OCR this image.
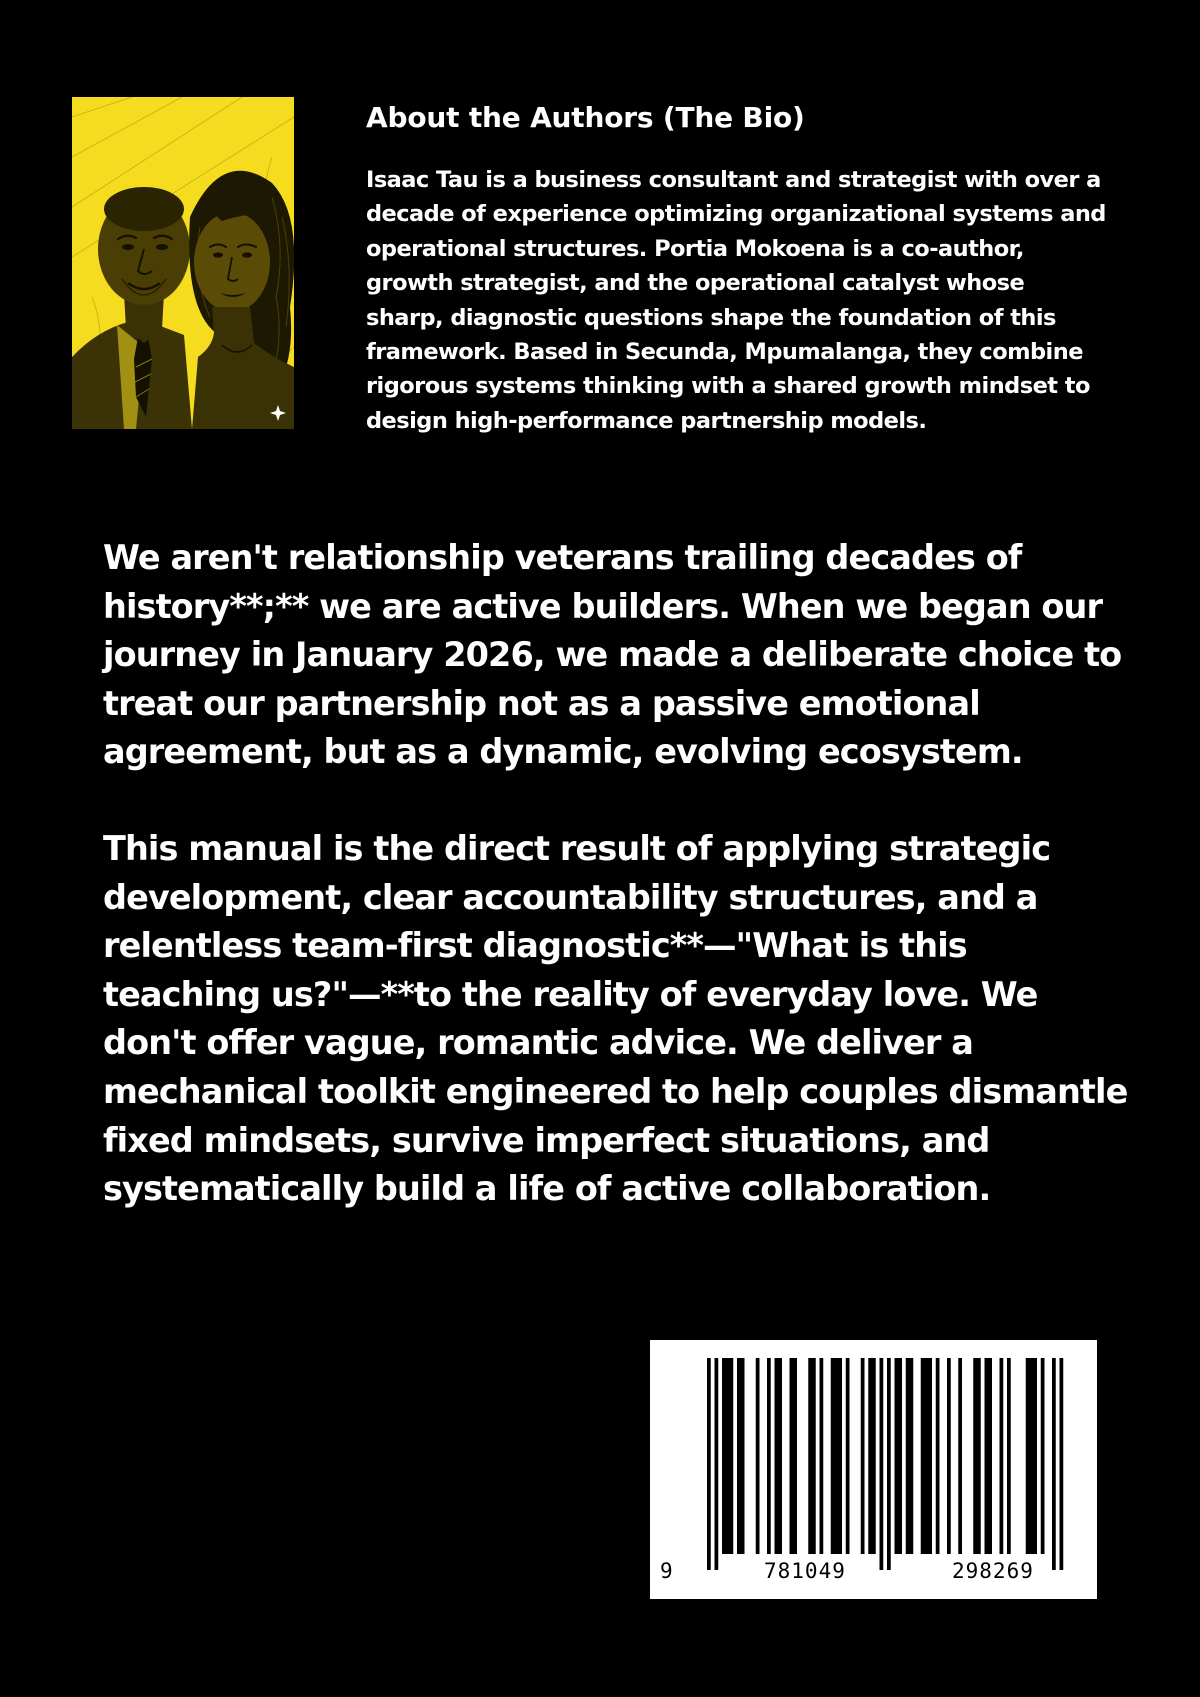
About the Authors (The Bio)

Isaac Tau is a business consultant and strategist with over a decade of experience optimizing organizational systems and operational structures. Portia Mokoena is a co-author, growth strategist, and the operational catalyst whose sharp, diagnostic questions shape the foundation of this framework. Based in Secunda, Mpumalanga, they combine rigorous systems thinking with a shared growth mindset to design high-performance partnership models.

We aren't relationship veterans trailing decades of history**;** we are active builders. When we began our journey in January 2026, we made a deliberate choice to treat our partnership not as a passive emotional agreement, but as a dynamic, evolving ecosystem.

This manual is the direct result of applying strategic development, clear accountability structures, and a relentless team-first diagnostic**—"What is this teaching us?"—**to the reality of everyday love. We don't offer vague, romantic advice. We deliver a mechanical toolkit engineered to help couples dismantle fixed mindsets, survive imperfect situations, and systematically build a life of active collaboration.

9	781049	298269
